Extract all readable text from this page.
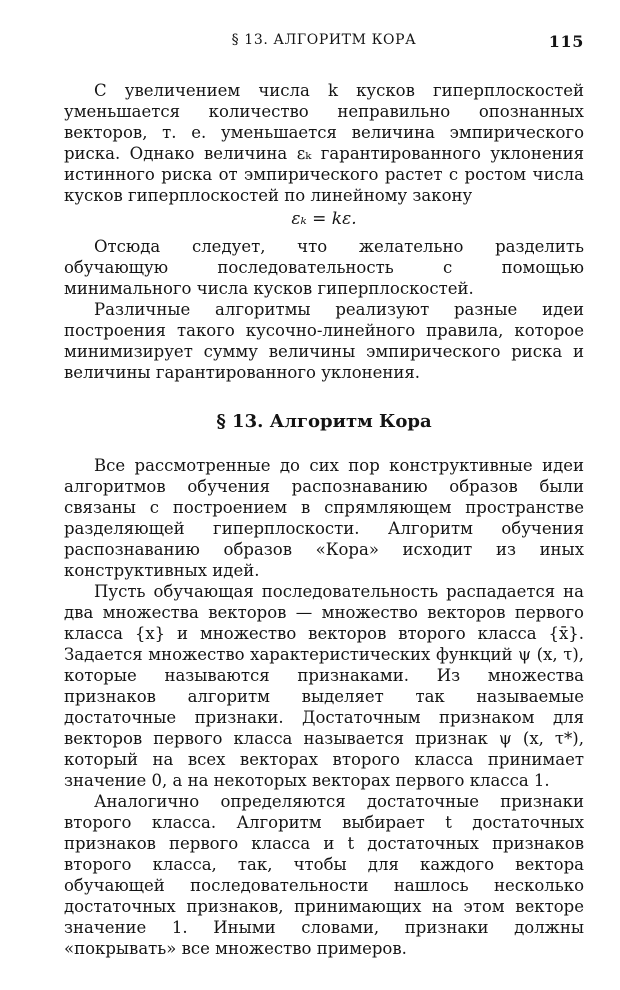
§ 13. АЛГОРИТМ КОРА	115

С увеличением числа k кусков гиперплоскостей уменьшается количество неправильно опознанных векторов, т. е. уменьшается величина эмпирического риска. Однако величина εₖ гарантированного уклонения истинного риска от эмпирического растет с ростом числа кусков гиперплоскостей по линейному закону

εₖ = kε.

Отсюда следует, что желательно разделить обучающую последовательность с помощью минимального числа кусков гиперплоскостей.

Различные алгоритмы реализуют разные идеи построения такого кусочно-линейного правила, которое минимизирует сумму величины эмпирического риска и величины гарантированного уклонения.

§ 13. Алгоритм Кора

Все рассмотренные до сих пор конструктивные идеи алгоритмов обучения распознаванию образов были связаны с построением в спрямляющем пространстве разделяющей гиперплоскости. Алгоритм обучения распознаванию образов «Кора» исходит из иных конструктивных идей.

Пусть обучающая последовательность распадается на два множества векторов — множество векторов первого класса {x} и множество векторов второго класса {x̄}. Задается множество характеристических функций ψ (x, τ), которые называются признаками. Из множества признаков алгоритм выделяет так называемые достаточные признаки. Достаточным признаком для векторов первого класса называется признак ψ (x, τ*), который на всех векторах второго класса принимает значение 0, а на некоторых векторах первого класса 1.

Аналогично определяются достаточные признаки второго класса. Алгоритм выбирает t достаточных признаков первого класса и t достаточных признаков второго класса, так, чтобы для каждого вектора обучающей последовательности нашлось несколько достаточных признаков, принимающих на этом векторе значение 1. Иными словами, признаки должны «покрывать» все множество примеров.
